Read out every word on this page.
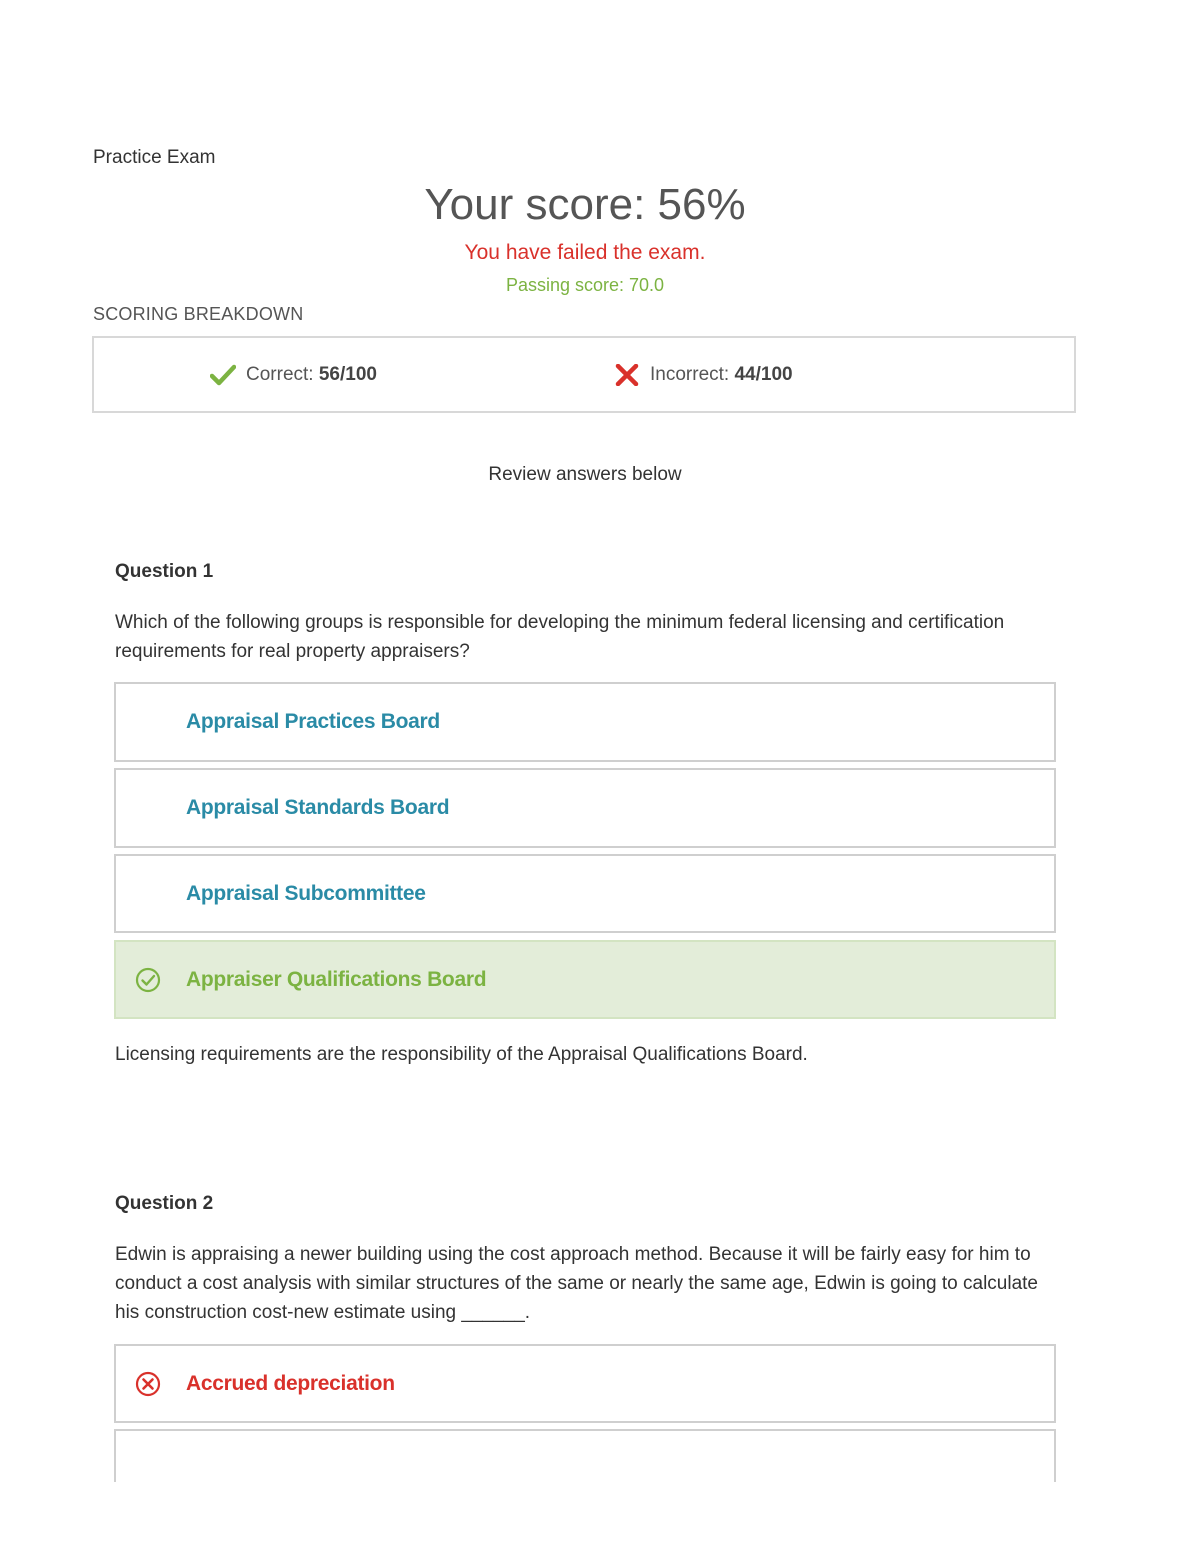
Practice Exam
Your score: 56%
You have failed the exam.
Passing score: 70.0
SCORING BREAKDOWN
Correct:
56/100	Incorrect:
44/100
Review answers below
Question 1
Which of the following groups is responsible for developing the minimum federal licensing and certification requirements for real property appraisers?
Appraisal Practices Board
Appraisal Standards Board
Appraisal Subcommittee
Appraiser Qualifications Board
Licensing requirements are the responsibility of the Appraisal Qualifications Board.
Question 2
Edwin is appraising a newer building using the cost approach method. Because it will be fairly easy for him to conduct a cost analysis with similar structures of the same or nearly the same age, Edwin is going to calculate his construction cost-new estimate using ______.
Accrued depreciation
